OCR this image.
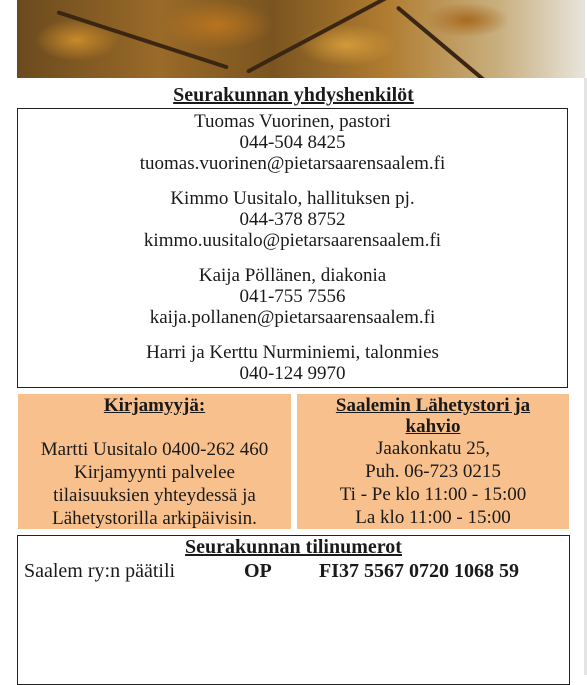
Seurakunnan yhdyshenkilöt
Tuomas Vuorinen, pastori
044-504 8425
tuomas.vuorinen@pietarsaarensaalem.fi
Kimmo Uusitalo, hallituksen pj.
044-378 8752
kimmo.uusitalo@pietarsaarensaalem.fi
Kaija Pöllänen, diakonia
041-755 7556
kaija.pollanen@pietarsaarensaalem.fi
Harri ja Kerttu Nurminiemi, talonmies
040-124 9970
Kirjamyyjä:
Martti Uusitalo 0400-262 460
Kirjamyynti palvelee
tilaisuuksien yhteydessä ja
Lähetystorilla arkipäivisin.
Saalemin Lähetystori ja
kahvio
Jaakonkatu 25,
Puh. 06-723 0215
Ti - Pe klo 11:00 - 15:00
La klo 11:00 - 15:00
Seurakunnan tilinumerot
Saalem ry:n päätili	OP FI37 5567 0720 1068 59
